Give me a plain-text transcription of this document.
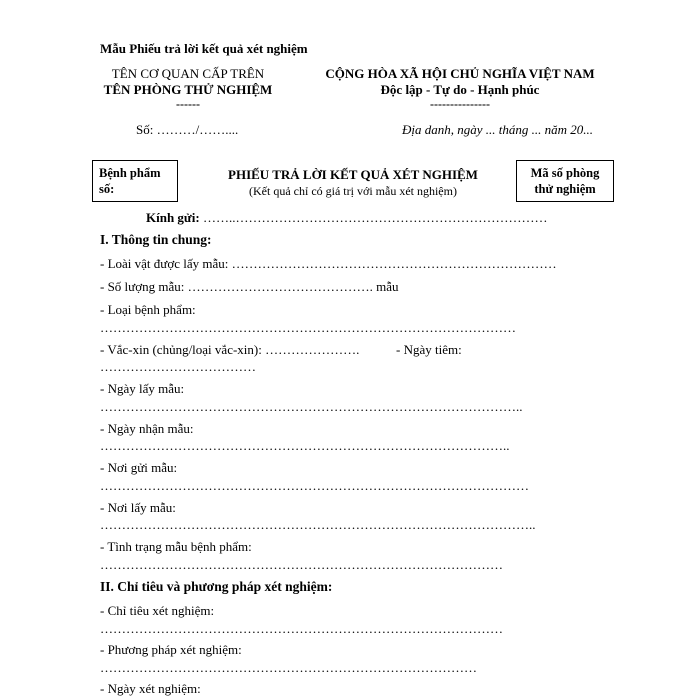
Mẫu Phiếu trả lời kết quả xét nghiệm
TÊN CƠ QUAN CẤP TRÊN
TÊN PHÒNG THỬ NGHIỆM
------
Số: ………/……....
CỘNG HÒA XÃ HỘI CHỦ NGHĨA VIỆT NAM
Độc lập - Tự do - Hạnh phúc
---------------
Địa danh, ngày ... tháng ... năm 20...
Bệnh phẩm
số:
PHIẾU TRẢ LỜI KẾT QUẢ XÉT NGHIỆM
(Kết quả chỉ có giá trị với mẫu xét nghiệm)
Mã số phòng
thử nghiệm
Kính gửi: ……..………………………………………………………………
I. Thông tin chung:
- Loài vật được lấy mẫu: …………………………………………………………………
- Số lượng mẫu: ……………………………………. mẫu
- Loại bệnh phẩm:
……………………………………………………………………………………
- Vắc-xin (chủng/loại vắc-xin): ………………….	- Ngày tiêm:
………………………………
- Ngày lấy mẫu:
……………………………………………………………………………………..
- Ngày nhận mẫu:
…………………………………………………………………………………..
- Nơi gửi mẫu:
………………………………………………………………………………………
- Nơi lấy mẫu:
………………………………………………………………………………………..
- Tình trạng mẫu bệnh phẩm:
…………………………………………………………………………………
II. Chỉ tiêu và phương pháp xét nghiệm:
- Chỉ tiêu xét nghiệm:
…………………………………………………………………………………
- Phương pháp xét nghiệm:
……………………………………………………………………………
- Ngày xét nghiệm:
